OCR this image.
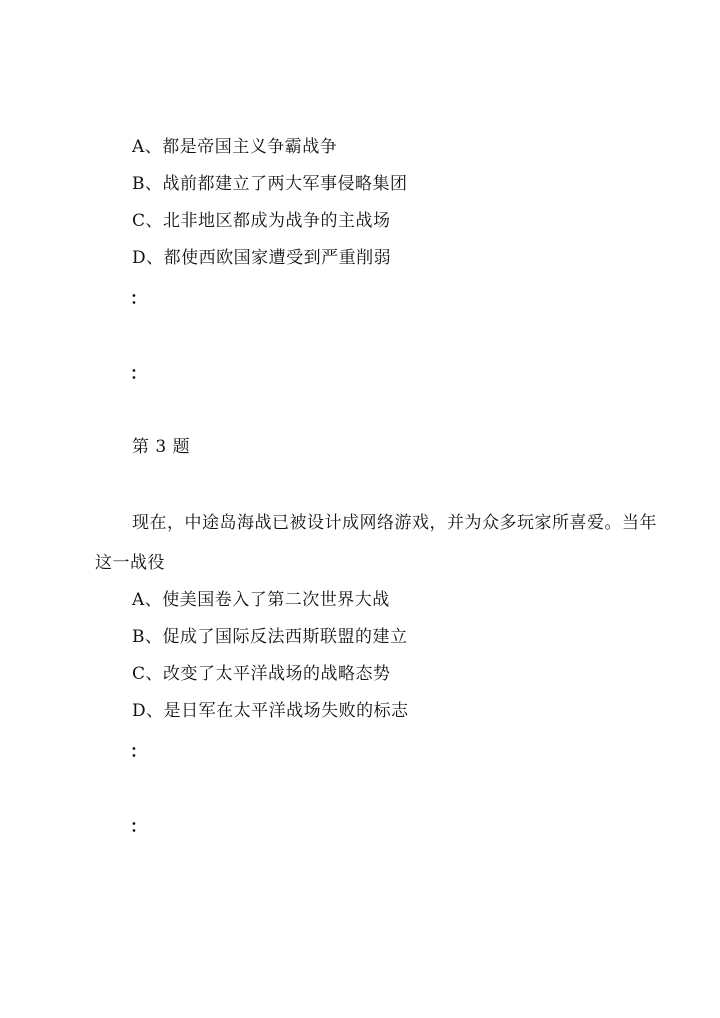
A、都是帝国主义争霸战争
B、战前都建立了两大军事侵略集团
C、北非地区都成为战争的主战场
D、都使西欧国家遭受到严重削弱
：
：
第 3 题
现在，中途岛海战已被设计成网络游戏，并为众多玩家所喜爱。当年
这一战役
A、使美国卷入了第二次世界大战
B、促成了国际反法西斯联盟的建立
C、改变了太平洋战场的战略态势
D、是日军在太平洋战场失败的标志
：
：
